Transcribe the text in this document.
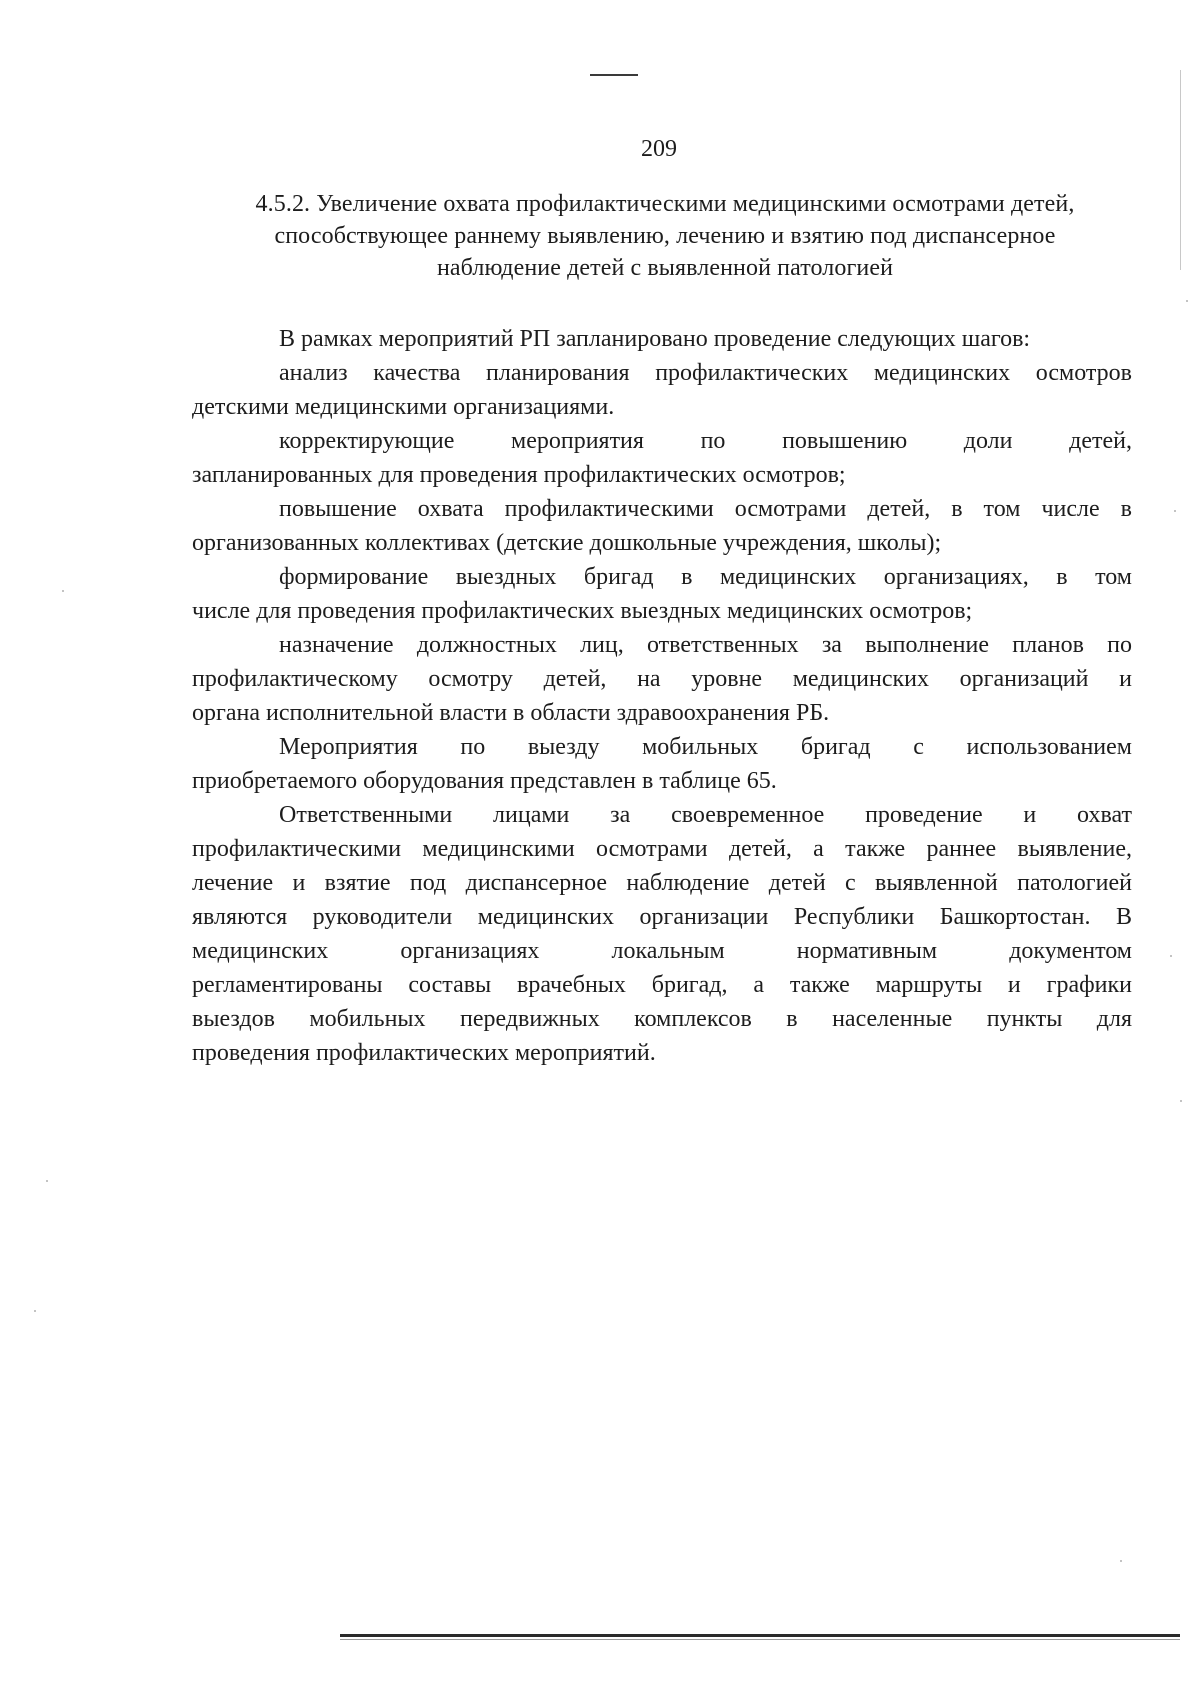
209
4.5.2. Увеличение охвата профилактическими медицинскими осмотрами детей,
способствующее раннему выявлению, лечению и взятию под диспансерное
наблюдение детей с выявленной патологией
В рамках мероприятий РП запланировано проведение следующих шагов:
анализ качества планирования профилактических медицинских осмотров
детскими медицинскими организациями.
корректирующие мероприятия по повышению доли детей,
запланированных для проведения профилактических осмотров;
повышение охвата профилактическими осмотрами детей, в том числе в
организованных коллективах (детские дошкольные учреждения, школы);
формирование выездных бригад в медицинских организациях, в том
числе для проведения профилактических выездных медицинских осмотров;
назначение должностных лиц, ответственных за выполнение планов по
профилактическому осмотру детей, на уровне медицинских организаций и
органа исполнительной власти в области здравоохранения РБ.
Мероприятия по выезду мобильных бригад с использованием
приобретаемого оборудования представлен в таблице 65.
Ответственными лицами за своевременное проведение и охват
профилактическими медицинскими осмотрами детей, а также раннее выявление,
лечение и взятие под диспансерное наблюдение детей с выявленной патологией
являются руководители медицинских организации Республики Башкортостан. В
медицинских организациях локальным нормативным документом
регламентированы составы врачебных бригад, а также маршруты и графики
выездов мобильных передвижных комплексов в населенные пункты для
проведения профилактических мероприятий.
